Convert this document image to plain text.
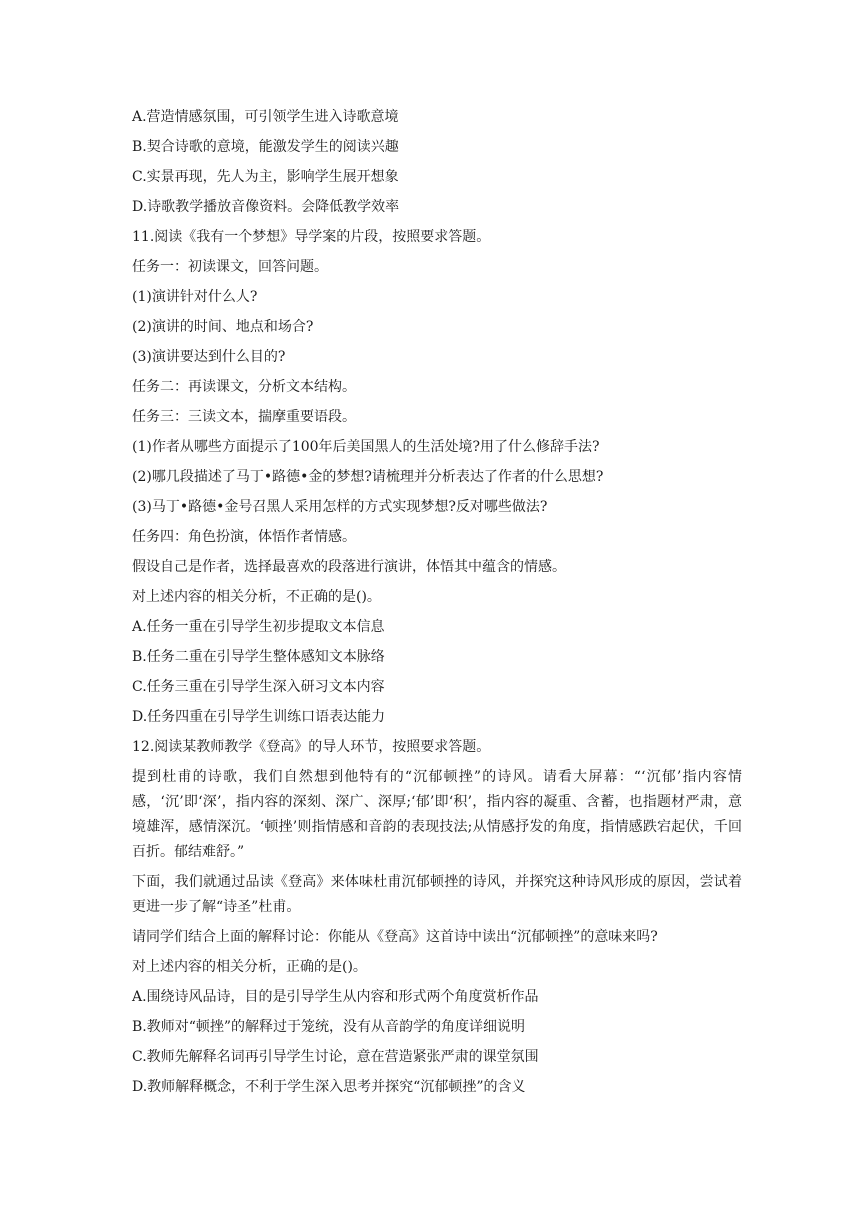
A.营造情感氛围，可引领学生进入诗歌意境
B.契合诗歌的意境，能激发学生的阅读兴趣
C.实景再现，先人为主，影响学生展开想象
D.诗歌教学播放音像资料。会降低教学效率
11.阅读《我有一个梦想》导学案的片段，按照要求答题。
任务一：初读课文，回答问题。
(1)演讲针对什么人?
(2)演讲的时间、地点和场合?
(3)演讲要达到什么目的?
任务二：再读课文，分析文本结构。
任务三：三读文本，揣摩重要语段。
(1)作者从哪些方面提示了100年后美国黑人的生活处境?用了什么修辞手法?
(2)哪几段描述了马丁•路德•金的梦想?请梳理并分析表达了作者的什么思想?
(3)马丁•路德•金号召黑人采用怎样的方式实现梦想?反对哪些做法?
任务四：角色扮演，体悟作者情感。
假设自己是作者，选择最喜欢的段落进行演讲，体悟其中蕴含的情感。
对上述内容的相关分析，不正确的是()。
A.任务一重在引导学生初步提取文本信息
B.任务二重在引导学生整体感知文本脉络
C.任务三重在引导学生深入研习文本内容
D.任务四重在引导学生训练口语表达能力
12.阅读某教师教学《登高》的导人环节，按照要求答题。

提到杜甫的诗歌，我们自然想到他特有的“沉郁顿挫”的诗风。请看大屏幕：“‘沉郁’指内容情感，‘沉’即‘深’，指内容的深刻、深广、深厚;‘郁’即‘积’，指内容的凝重、含蓄，也指题材严肃，意境雄浑，感情深沉。‘顿挫’则指情感和音韵的表现技法;从情感抒发的角度，指情感跌宕起伏，千回百折。郁结难舒。”

下面，我们就通过品读《登高》来体味杜甫沉郁顿挫的诗风，并探究这种诗风形成的原因，尝试着更进一步了解“诗圣”杜甫。

请同学们结合上面的解释讨论：你能从《登高》这首诗中读出“沉郁顿挫”的意味来吗?
对上述内容的相关分析，正确的是()。
A.围绕诗风品诗，目的是引导学生从内容和形式两个角度赏析作品
B.教师对“顿挫”的解释过于笼统，没有从音韵学的角度详细说明
C.教师先解释名词再引导学生讨论，意在营造紧张严肃的课堂氛围
D.教师解释概念，不利于学生深入思考并探究“沉郁顿挫”的含义
